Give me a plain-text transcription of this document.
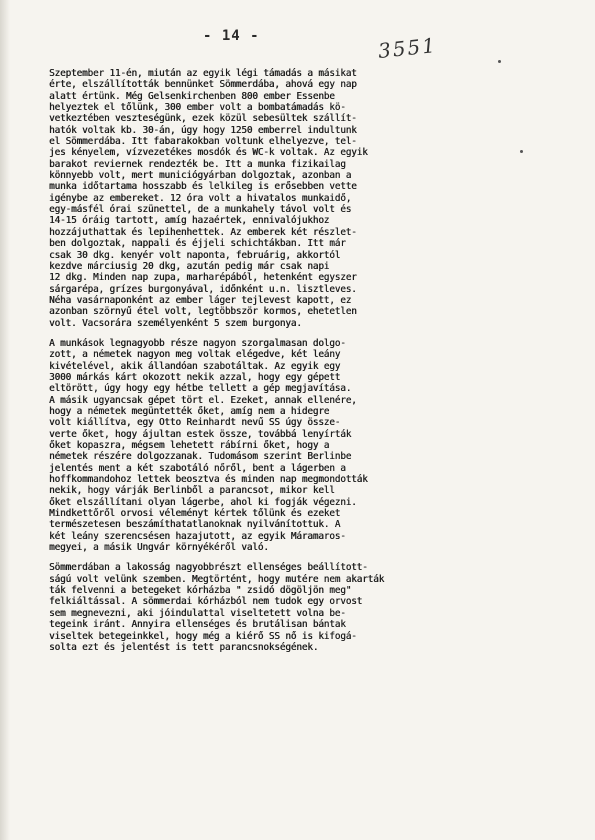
- 14 -	3551
Szeptember 11-én, miután az egyik légi támadás a másikat
érte, elszállították bennünket Sömmerdába, ahová egy nap
alatt értünk. Még Gelsenkirchenben 800 ember Essenbe
helyeztek el tőlünk, 300 ember volt a bombatámadás kö-
vetkeztében veszteségünk, ezek közül sebesültek szállít-
hatók voltak kb. 30-án, úgy hogy 1250 emberrel indultunk
el Sömmerdába. Itt fabarakokban voltunk elhelyezve, tel-
jes kényelem, vízvezetékes mosdók és WC-k voltak. Az egyik
barakot reviernek rendezték be. Itt a munka fizikailag
könnyebb volt, mert municiógyárban dolgoztak, azonban a
munka időtartama hosszabb és lelkileg is erősebben vette
igénybe az embereket. 12 óra volt a hivatalos munkaidő,
egy-másfél órai szünettel, de a munkahely távol volt és
14-15 óráig tartott, amíg hazaértek, ennivalójukhoz
hozzájuthattak és lepihenhettek. Az emberek két részlet-
ben dolgoztak, nappali és éjjeli schichtákban. Itt már
csak 30 dkg. kenyér volt naponta, februárig, akkortól
kezdve márciusig 20 dkg, azután pedig már csak napi
12 dkg. Minden nap zupa, marharépából, hetenként egyszer
sárgarépa, grízes burgonyával, időnként u.n. lisztleves.
Néha vasárnaponként az ember láger tejlevest kapott, ez
azonban szörnyű étel volt, legtöbbször kormos, ehetetlen
volt. Vacsorára személyenként 5 szem burgonya.
A munkások legnagyobb része nagyon szorgalmasan dolgo-
zott, a németek nagyon meg voltak elégedve, két leány
kivételével, akik állandóan szabotáltak. Az egyik egy
3000 márkás kárt okozott nekik azzal, hogy egy gépett
eltörött, úgy hogy egy hétbe tellett a gép megjavítása.
A másik ugyancsak gépet tört el. Ezeket, annak ellenére,
hogy a németek megüntették őket, amíg nem a hidegre
volt kiállítva, egy Otto Reinhardt nevű SS úgy össze-
verte őket, hogy ájultan estek össze, továbbá lenyírták
őket kopaszra, mégsem lehetett rábírni őket, hogy a
németek részére dolgozzanak. Tudomásom szerint Berlinbe
jelentés ment a két szabotáló nőről, bent a lágerben a
hoffkommandohoz lettek beosztva és minden nap megmondották
nekik, hogy várják Berlinből a parancsot, mikor kell
őket elszállítani olyan lágerbe, ahol ki fogják végezni.
Mindkettőről orvosi véleményt kértek tőlünk és ezeket
természetesen beszámíthatatlanoknak nyilvánítottuk. A
két leány szerencsésen hazajutott, az egyik Máramaros-
megyei, a másik Ungvár környékéről való.
Sömmerdában a lakosság nagyobbrészt ellenséges beállított-
ságú volt velünk szemben. Megtörtént, hogy mutére nem akarták
ták felvenni a betegeket kórházba " zsidó dögöljön meg"
felkiáltással. A sömmerdai kórházból nem tudok egy orvost
sem megnevezni, aki jóindulattal viseltetett volna be-
tegeink iránt. Annyira ellenséges és brutálisan bántak
viseltek betegeinkkel, hogy még a kiérő SS nő is kifogá-
solta ezt és jelentést is tett parancsnokségének.
